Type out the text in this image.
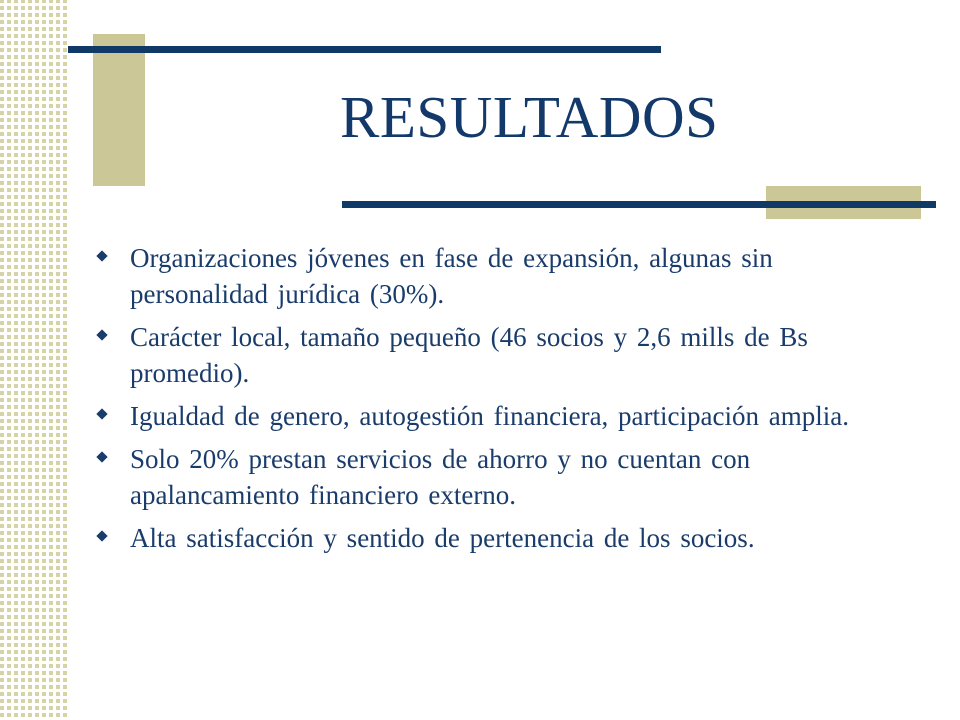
RESULTADOS
Organizaciones jóvenes en fase de expansión, algunas sin personalidad jurídica (30%).
Carácter local, tamaño pequeño (46 socios y 2,6 mills de Bs promedio).
Igualdad de genero, autogestión financiera, participación amplia.
Solo 20% prestan servicios de ahorro y no cuentan con apalancamiento financiero externo.
Alta satisfacción y sentido de pertenencia de los socios.
